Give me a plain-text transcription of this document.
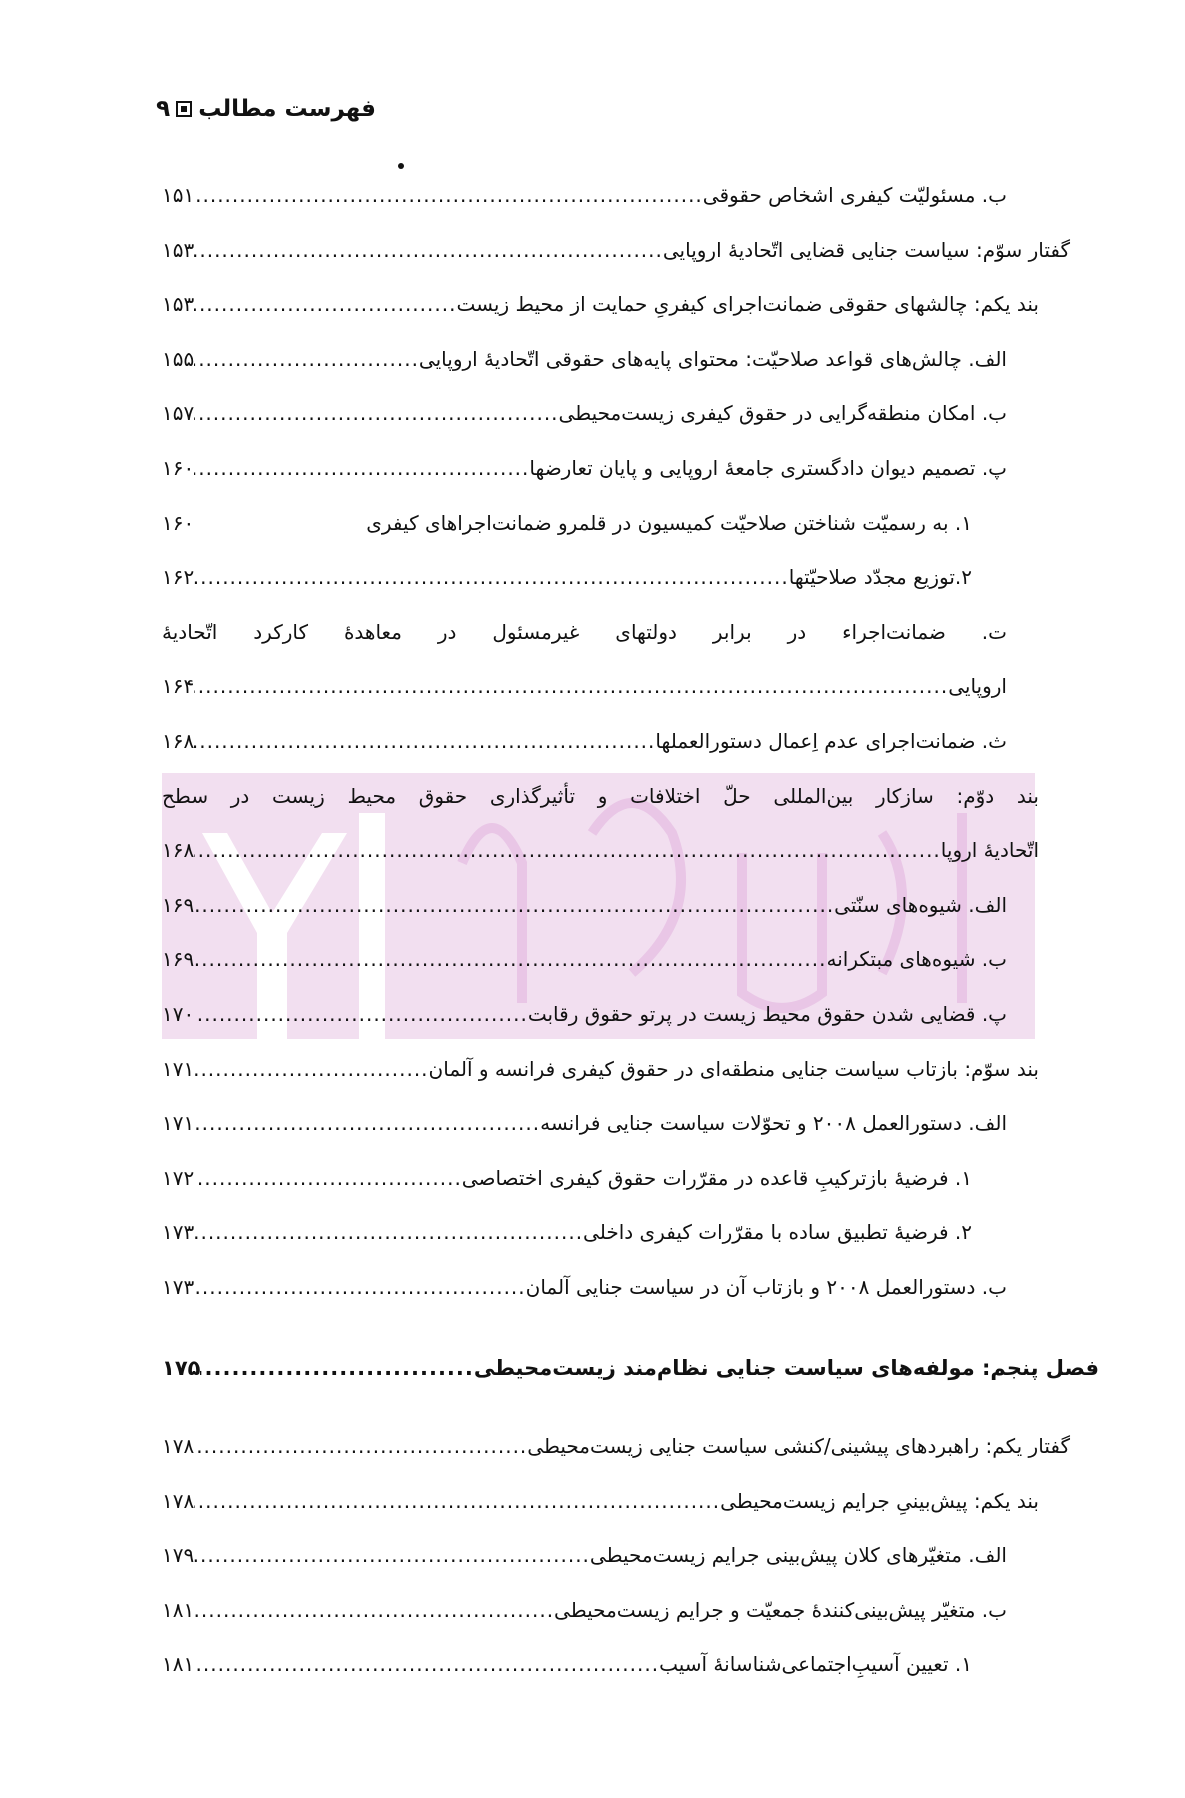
فهرست مطالب۹
ب. مسئولیّت کیفری اشخاص حقوقی
.....
۱۵۱
گفتار سوّم: سیاست جنایی قضایی اتّحادیۀ اروپایی
.....
۱۵۳
بند یکم: چالشهای حقوقی ضمانت‌اجرای کیفریِ حمایت از محیط زیست
.....
۱۵۳
الف. چالش‌های قواعد صلاحیّت: محتوای پایه‌های حقوقی اتّحادیۀ اروپایی
.....
۱۵۵
ب. امکان منطقه‌گرایی در حقوق کیفری زیست‌محیطی
.....
۱۵۷
پ. تصمیم دیوان دادگستری جامعۀ اروپایی و پایان تعارضها
.....
۱۶۰
۱. به رسمیّت شناختن صلاحیّت کمیسیون در قلمرو ضمانت‌اجراهای کیفری
۱۶۰
۲.توزیع مجدّد صلاحیّتها
.....
۱۶۲
ت. ضمانت‌اجراء در برابر دولتهای غیرمسئول در معاهدۀ کارکرد اتّحادیۀ
اروپایی
.....
۱۶۴
ث. ضمانت‌اجرای عدم اِعمال دستورالعملها
.....
۱۶۸
بند دوّم: سازکار بین‌المللی حلّ اختلافات و تأثیرگذاری حقوق محیط زیست در سطح
اتّحادیۀ اروپا
.....
۱۶۸
الف. شیوه‌های سنّتی
.....
۱۶۹
ب. شیوه‌های مبتکرانه
.....
۱۶۹
پ. قضایی شدن حقوق محیط زیست در پرتو حقوق رقابت
.....
۱۷۰
بند سوّم: بازتاب سیاست جنایی منطقه‌ای در حقوق کیفری فرانسه و آلمان
.....
۱۷۱
الف. دستورالعمل ۲۰۰۸ و تحوّلات سیاست جنایی فرانسه
.....
۱۷۱
۱. فرضیۀ بازترکیبِ قاعده در مقرّرات حقوق کیفری اختصاصی
.....
۱۷۲
۲. فرضیۀ تطبیق ساده با مقرّرات کیفری داخلی
.....
۱۷۳
ب. دستورالعمل ۲۰۰۸ و بازتاب آن در سیاست جنایی آلمان
.....
۱۷۳
فصل پنجم: مولفه‌های سیاست جنایی نظام‌مند زیست‌محیطی
.....
۱۷۵
گفتار یکم: راهبردهای پیشینی/کنشی سیاست جنایی زیست‌محیطی
.....
۱۷۸
بند یکم: پیش‌بینیِ جرایم زیست‌محیطی
.....
۱۷۸
الف. متغیّرهای کلان پیش‌بینی جرایم زیست‌محیطی
.....
۱۷۹
ب. متغیّر پیش‌بینی‌کنندۀ جمعیّت و جرایم زیست‌محیطی
.....
۱۸۱
۱. تعیین آسیبِ‌اجتماعی‌شناسانۀ آسیب
.....
۱۸۱
